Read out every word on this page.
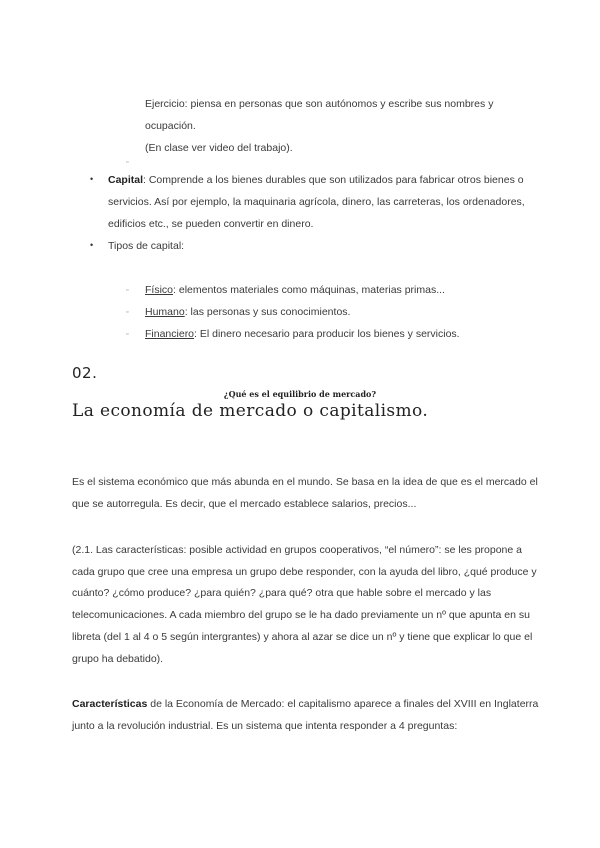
Ejercicio: piensa en personas que son autónomos y escribe sus nombres y
ocupación.
(En clase ver video del trabajo).
▫
• Capital: Comprende a los bienes durables que son utilizados para fabricar otros bienes o
servicios. Así por ejemplo, la maquinaria agrícola, dinero, las carreteras, los ordenadores,
edificios etc., se pueden convertir en dinero.
• Tipos de capital:
▫ Físico: elementos materiales como máquinas, materias primas...
▫ Humano: las personas y sus conocimientos.
▫ Financiero: El dinero necesario para producir los bienes y servicios.
02.
¿Qué es el equilibrio de mercado?
La economía de mercado o capitalismo.
Es el sistema económico que más abunda en el mundo. Se basa en la idea de que es el mercado el
que se autorregula. Es decir, que el mercado establece salarios, precios...
(2.1. Las características: posible actividad en grupos cooperativos, “el número”: se les propone a
cada grupo que cree una empresa un grupo debe responder, con la ayuda del libro, ¿qué produce y
cuánto? ¿cómo produce? ¿para quién? ¿para qué? otra que hable sobre el mercado y las
telecomunicaciones. A cada miembro del grupo se le ha dado previamente un nº que apunta en su
libreta (del 1 al 4 o 5 según intergrantes) y ahora al azar se dice un nº y tiene que explicar lo que el
grupo ha debatido).
Características de la Economía de Mercado: el capitalismo aparece a finales del XVIII en Inglaterra
junto a la revolución industrial. Es un sistema que intenta responder a 4 preguntas:
